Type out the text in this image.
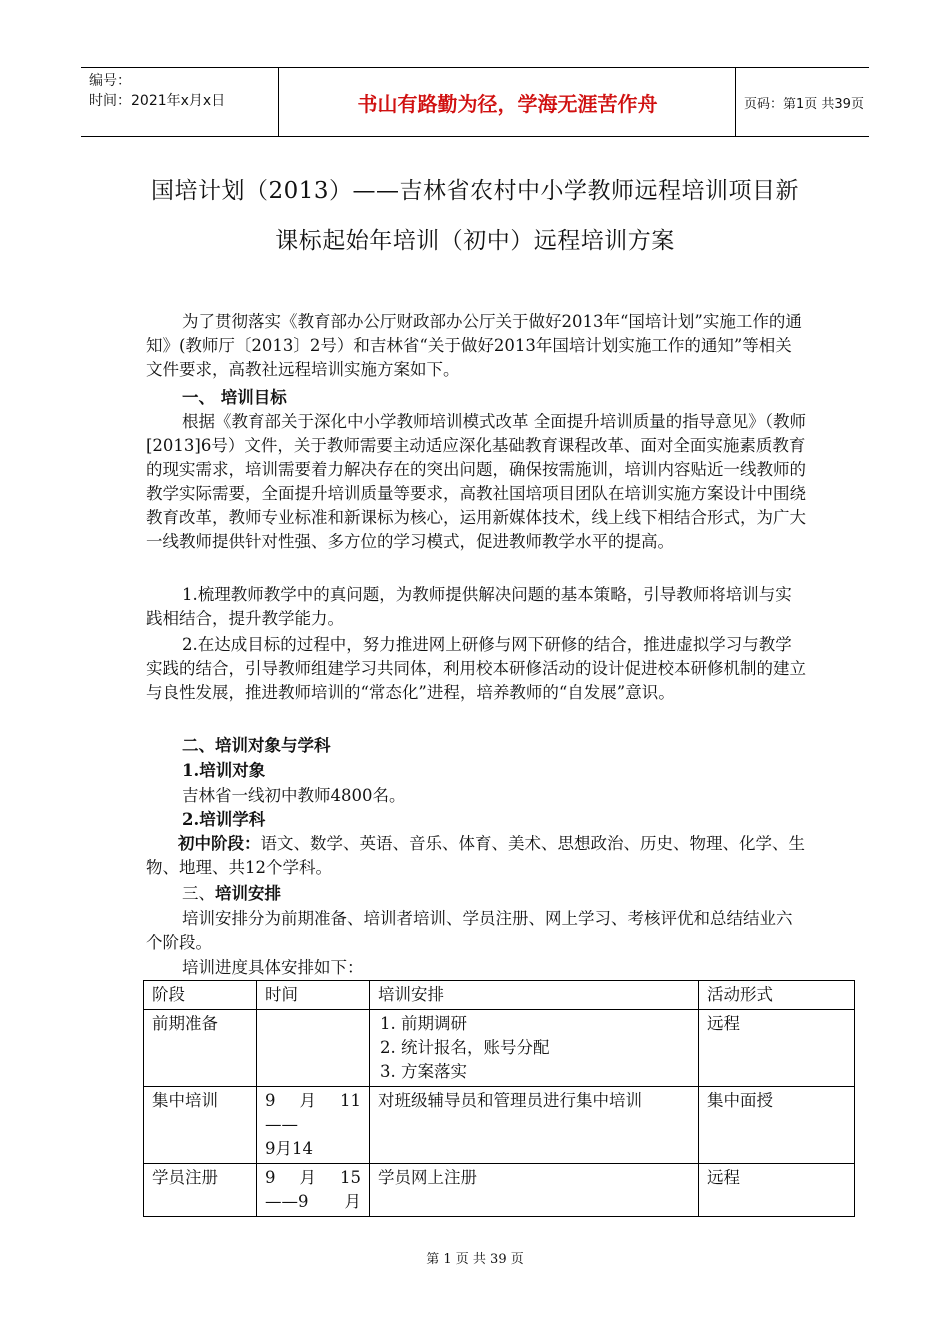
编号：
时间：2021年x月x日	书山有路勤为径，学海无涯苦作舟	页码：第1页 共39页
国培计划（2013）——吉林省农村中小学教师远程培训项目新
课标起始年培训（初中）远程培训方案
为了贯彻落实《教育部办公厅财政部办公厅关于做好2013年“国培计划”实施工作的通知》(教师厅〔2013〕2号）和吉林省“关于做好2013年国培计划实施工作的通知”等相关文件要求，高教社远程培训实施方案如下。
一、 培训目标
根据《教育部关于深化中小学教师培训模式改革 全面提升培训质量的指导意见》（教师[2013]6号）文件，关于教师需要主动适应深化基础教育课程改革、面对全面实施素质教育的现实需求，培训需要着力解决存在的突出问题，确保按需施训，培训内容贴近一线教师的教学实际需要，全面提升培训质量等要求，高教社国培项目团队在培训实施方案设计中围绕教育改革，教师专业标准和新课标为核心，运用新媒体技术，线上线下相结合形式，为广大一线教师提供针对性强、多方位的学习模式，促进教师教学水平的提高。
1.梳理教师教学中的真问题，为教师提供解决问题的基本策略，引导教师将培训与实践相结合，提升教学能力。
2.在达成目标的过程中，努力推进网上研修与网下研修的结合，推进虚拟学习与教学实践的结合，引导教师组建学习共同体，利用校本研修活动的设计促进校本研修机制的建立与良性发展，推进教师培训的“常态化”进程，培养教师的“自发展”意识。
二、培训对象与学科
1.培训对象
吉林省一线初中教师4800名。
2.培训学科
初中阶段：语文、数学、英语、音乐、体育、美术、思想政治、历史、物理、化学、生物、地理、共12个学科。
三、培训安排
培训安排分为前期准备、培训者培训、学员注册、网上学习、考核评优和总结结业六个阶段。
培训进度具体安排如下：
阶段	时间	培训安排	活动形式
前期准备		1. 前期调研
2. 统计报名，账号分配
3. 方案落实	远程
集中培训	9 月 11
——
9月14	对班级辅导员和管理员进行集中培训	集中面授
学员注册	9 月 15
——9 月	学员网上注册	远程
第 1 页 共 39 页
